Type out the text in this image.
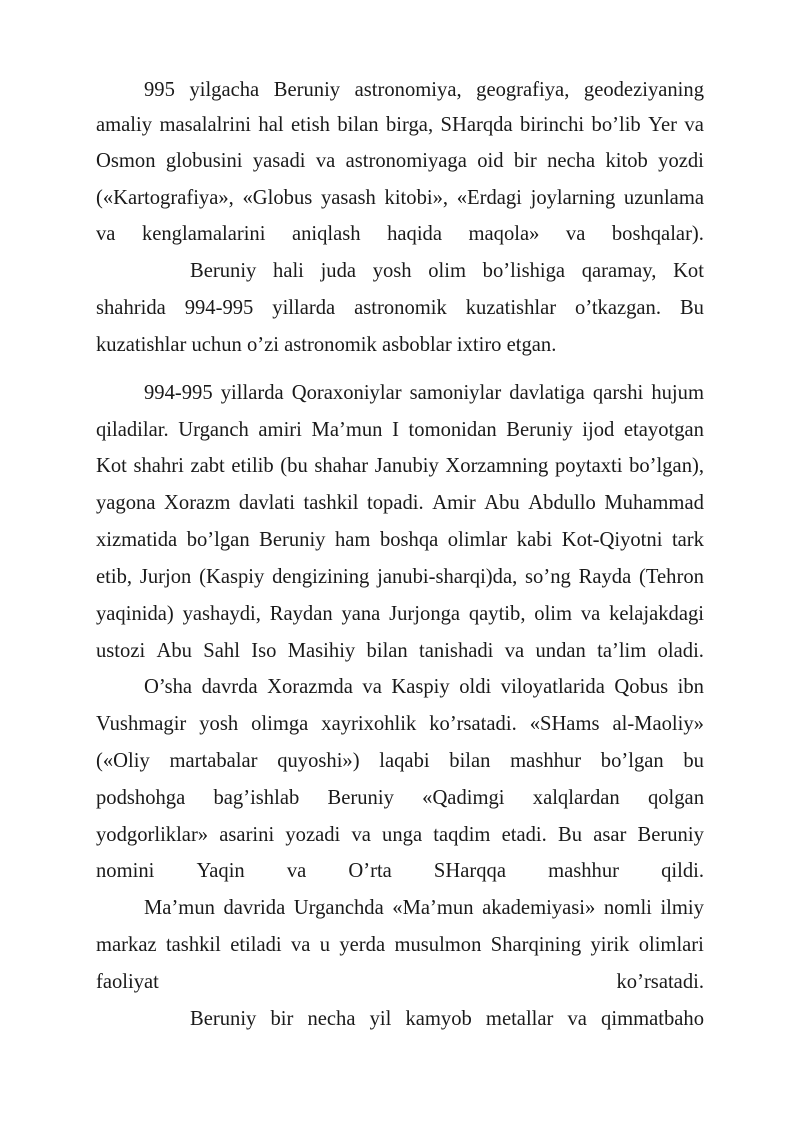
995 yilgacha Beruniy astronomiya, geografiya, geodeziyaning
amaliy masalalrini hal etish bilan birga, SHarqda birinchi bo’lib Yer va
Osmon globusini yasadi va astronomiyaga oid bir necha kitob yozdi
(«Kartografiya», «Globus yasash kitobi», «Erdagi joylarning uzunlama
va kenglamalarini aniqlash haqida maqola» va boshqalar).
Beruniy hali juda yosh olim bo’lishiga qaramay, Kot
shahrida 994-995 yillarda astronomik kuzatishlar o’tkazgan. Bu
kuzatishlar uchun o’zi astronomik asboblar ixtiro etgan.
994-995 yillarda Qoraxoniylar samoniylar davlatiga qarshi hujum
qiladilar. Urganch amiri Ma’mun I tomonidan Beruniy ijod etayotgan
Kot shahri zabt etilib (bu shahar Janubiy Xorzamning poytaxti bo’lgan),
yagona Xorazm davlati tashkil topadi. Amir Abu Abdullo Muhammad
xizmatida bo’lgan Beruniy ham boshqa olimlar kabi Kot-Qiyotni tark
etib, Jurjon (Kaspiy dengizining janubi-sharqi)da, so’ng Rayda (Tehron
yaqinida) yashaydi, Raydan yana Jurjonga qaytib, olim va kelajakdagi
ustozi Abu Sahl Iso Masihiy bilan tanishadi va undan ta’lim oladi.
O’sha davrda Xorazmda va Kaspiy oldi viloyatlarida Qobus ibn
Vushmagir yosh olimga xayrixohlik ko’rsatadi. «SHams al-Maoliy»
(«Oliy martabalar quyoshi») laqabi bilan mashhur bo’lgan bu
podshohga bag’ishlab Beruniy «Qadimgi xalqlardan qolgan
yodgorliklar» asarini yozadi va unga taqdim etadi. Bu asar Beruniy
nomini Yaqin va O’rta SHarqqa mashhur qildi.
Ma’mun davrida Urganchda «Ma’mun akademiyasi» nomli ilmiy
markaz tashkil etiladi va u yerda musulmon Sharqining yirik olimlari
faoliyat	ko’rsatadi.
Beruniy bir necha yil kamyob metallar va qimmatbaho
